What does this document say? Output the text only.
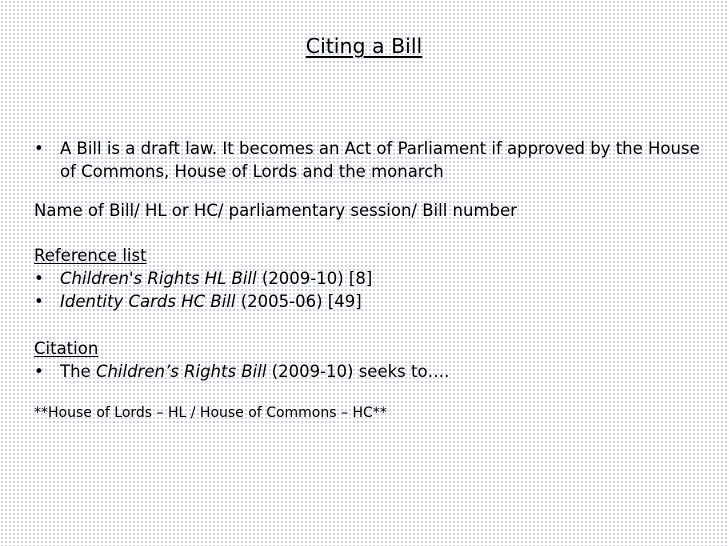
Citing a Bill
• A Bill is a draft law. It becomes an Act of Parliament if approved by the House of Commons, House of Lords and the monarch
Name of Bill/ HL or HC/ parliamentary session/ Bill number
Reference list
• Children's Rights HL Bill (2009-10) [8]
• Identity Cards HC Bill (2005-06) [49]
Citation
• The Children’s Rights Bill (2009-10) seeks to….
**House of Lords – HL / House of Commons – HC**
